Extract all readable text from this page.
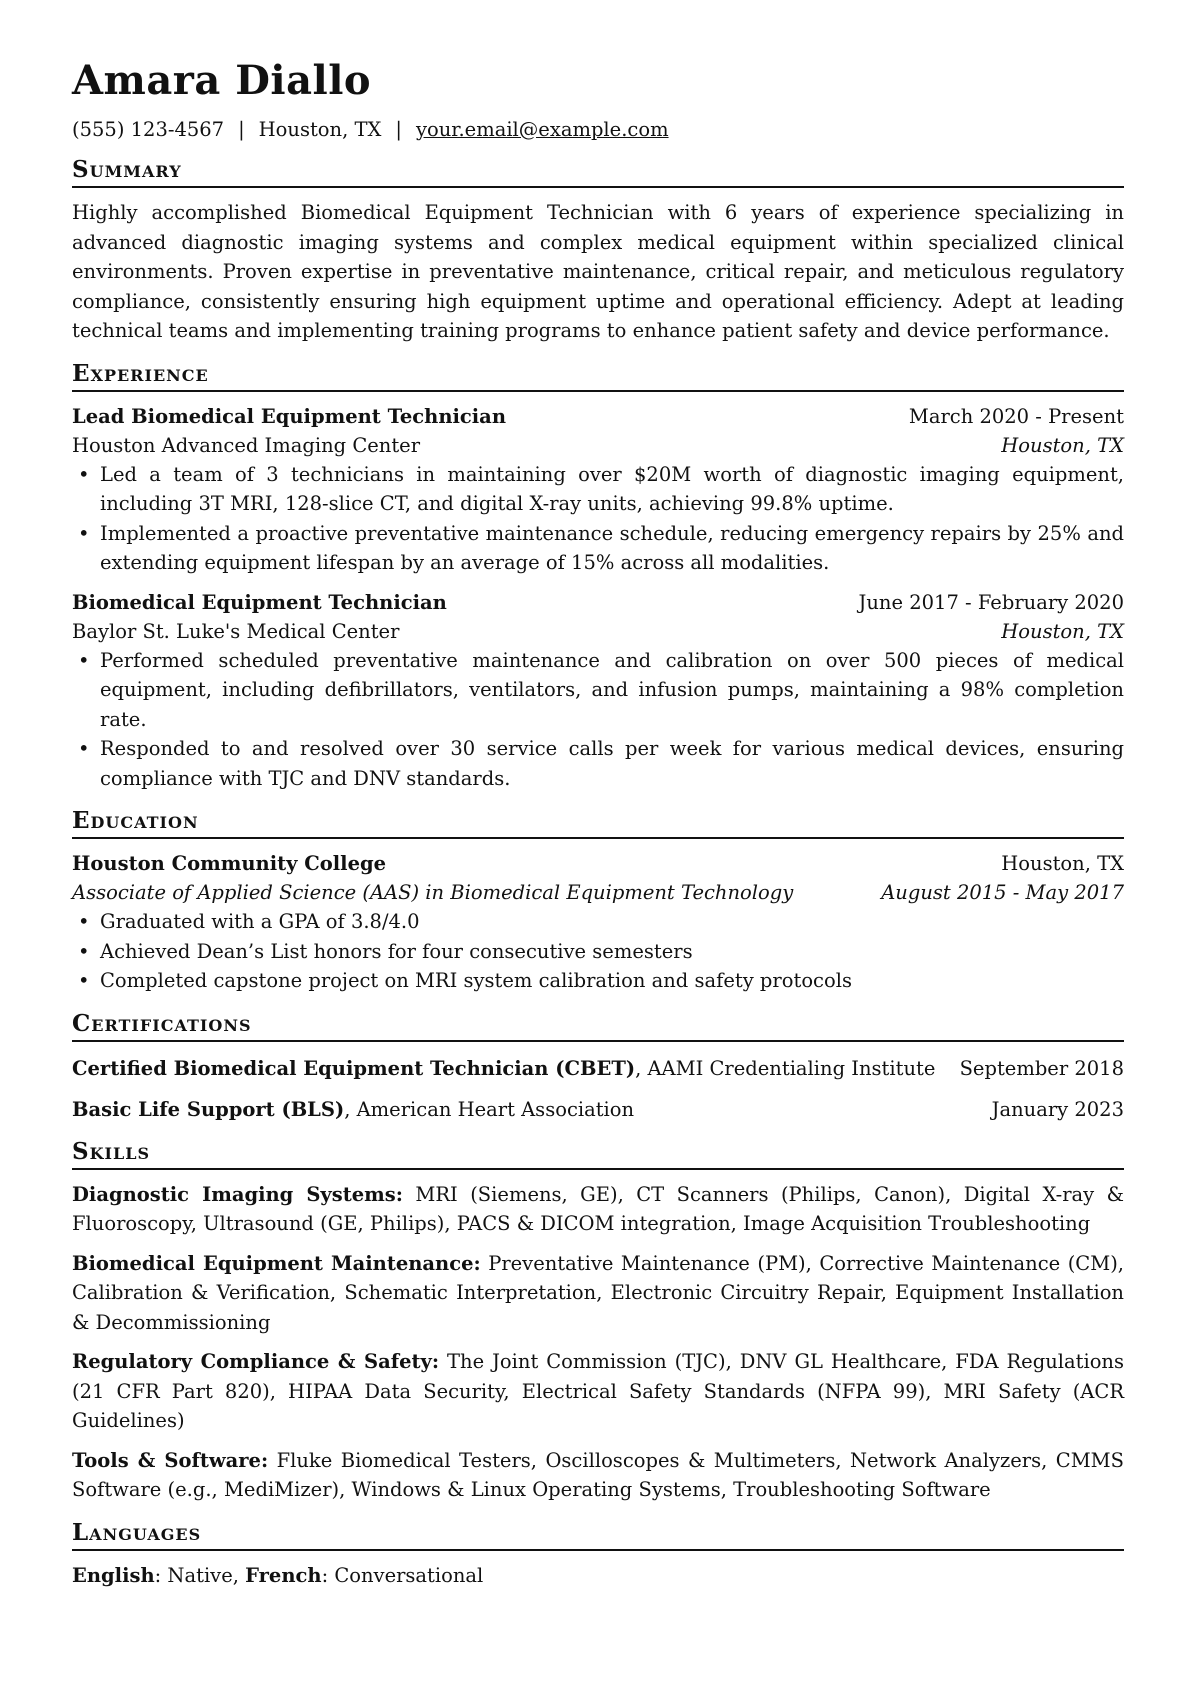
Amara Diallo
(555) 123-4567 | Houston, TX | your.email@example.com
Summary
Highly accomplished Biomedical Equipment Technician with 6 years of experience specializing in advanced diagnostic imaging systems and complex medical equipment within specialized clinical environments. Proven expertise in preventative maintenance, critical repair, and meticulous regulatory compliance, consistently ensuring high equipment uptime and operational efficiency. Adept at leading technical teams and implementing training programs to enhance patient safety and device performance.
Experience
Lead Biomedical Equipment Technician	March 2020 - Present
Houston Advanced Imaging Center	Houston, TX
• Led a team of 3 technicians in maintaining over $20M worth of diagnostic imaging equipment, including 3T MRI, 128-slice CT, and digital X-ray units, achieving 99.8% uptime.
• Implemented a proactive preventative maintenance schedule, reducing emergency repairs by 25% and extending equipment lifespan by an average of 15% across all modalities.
Biomedical Equipment Technician	June 2017 - February 2020
Baylor St. Luke's Medical Center	Houston, TX
• Performed scheduled preventative maintenance and calibration on over 500 pieces of medical equipment, including defibrillators, ventilators, and infusion pumps, maintaining a 98% completion rate.
• Responded to and resolved over 30 service calls per week for various medical devices, ensuring compliance with TJC and DNV standards.
Education
Houston Community College	Houston, TX
Associate of Applied Science (AAS) in Biomedical Equipment Technology	August 2015 - May 2017
• Graduated with a GPA of 3.8/4.0
• Achieved Dean’s List honors for four consecutive semesters
• Completed capstone project on MRI system calibration and safety protocols
Certifications
Certified Biomedical Equipment Technician (CBET), AAMI Credentialing Institute September 2018
Basic Life Support (BLS), American Heart Association	January 2023
Skills
Diagnostic Imaging Systems: MRI (Siemens, GE), CT Scanners (Philips, Canon), Digital X-ray & Fluoroscopy, Ultrasound (GE, Philips), PACS & DICOM integration, Image Acquisition Troubleshooting
Biomedical Equipment Maintenance: Preventative Maintenance (PM), Corrective Maintenance (CM), Calibration & Verification, Schematic Interpretation, Electronic Circuitry Repair, Equipment Installation & Decommissioning
Regulatory Compliance & Safety: The Joint Commission (TJC), DNV GL Healthcare, FDA Regulations (21 CFR Part 820), HIPAA Data Security, Electrical Safety Standards (NFPA 99), MRI Safety (ACR Guidelines)
Tools & Software: Fluke Biomedical Testers, Oscilloscopes & Multimeters, Network Analyzers, CMMS Software (e.g., MediMizer), Windows & Linux Operating Systems, Troubleshooting Software
Languages
English: Native, French: Conversational
